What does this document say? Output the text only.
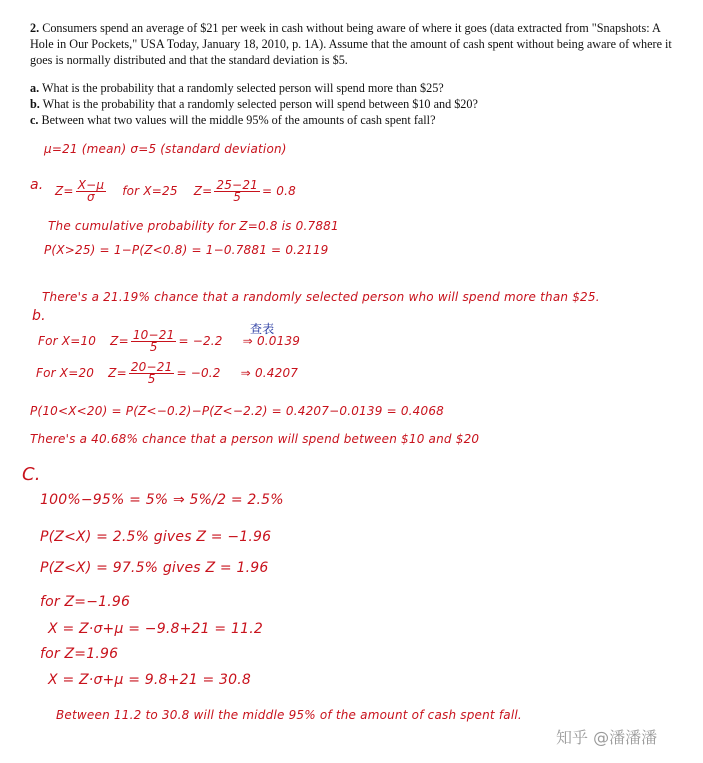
2. Consumers spend an average of $21 per week in cash without being aware of where it goes (data extracted from "Snapshots: A Hole in Our Pockets," USA Today, January 18, 2010, p. 1A). Assume that the amount of cash spent without being aware of where it goes is normally distributed and that the standard deviation is $5.

a. What is the probability that a randomly selected person will spend more than $25?

b. What is the probability that a randomly selected person will spend between $10 and $20?

c. Between what two values will the middle 95% of the amounts of cash spent fall?

μ=21 (mean) σ=5 (standard deviation)
a. $Z= \frac{X-\mu}{\sigma}$ for X=25 $Z= \frac{25-21}{5} = 0.8$
The cumulative probability for Z=0.8 is 0.7881
P(X>25) = 1−P(Z<0.8) = 1−0.7881 = 0.2119
There's a 21.19% chance that a randomly selected person who will spend more than $25.
b.
查表
For X=10 $Z= \frac{10-21}{5} = -2.2$ ⇒ 0.0139
For X=20 $Z= \frac{20-21}{5} = -0.2$ ⇒ 0.4207
P(10<X<20) = P(Z<−0.2)−P(Z<−2.2) = 0.4207−0.0139 = 0.4068
There's a 40.68% chance that a person will spend between $10 and $20
C.
100%−95% = 5% ⇒ 5%/2 = 2.5%
P(Z<X) = 2.5% gives Z = −1.96
P(Z<X) = 97.5% gives Z = 1.96
for Z=−1.96
X = Z·σ+μ = −9.8+21 = 11.2
for Z=1.96
X = Z·σ+μ = 9.8+21 = 30.8
Between 11.2 to 30.8 will the middle 95% of the amount of cash spent fall.
知乎 @潘潘潘
